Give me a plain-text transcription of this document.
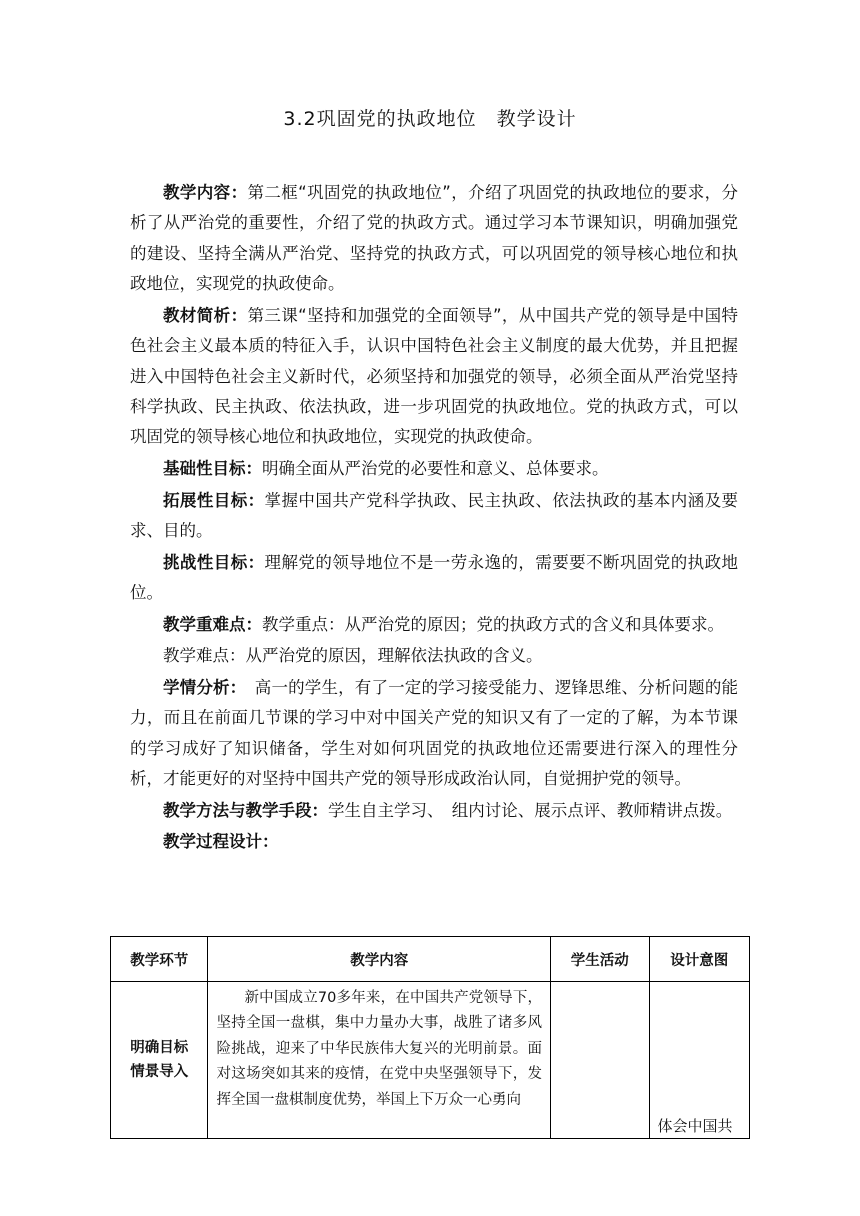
3.2巩固党的执政地位　教学设计

教学内容：第二框“巩固党的执政地位”，介绍了巩固党的执政地位的要求，分析了从严治党的重要性，介绍了党的执政方式。通过学习本节课知识，明确加强党的建设、坚持全满从严治党、坚持党的执政方式，可以巩固党的领导核心地位和执政地位，实现党的执政使命。

教材简析：第三课“坚持和加强党的全面领导”，从中国共产党的领导是中国特色社会主义最本质的特征入手，认识中国特色社会主义制度的最大优势，并且把握进入中国特色社会主义新时代，必须坚持和加强党的领导，必须全面从严治党坚持科学执政、民主执政、依法执政，进一步巩固党的执政地位。党的执政方式，可以巩固党的领导核心地位和执政地位，实现党的执政使命。

基础性目标：明确全面从严治党的必要性和意义、总体要求。

拓展性目标：掌握中国共产党科学执政、民主执政、依法执政的基本内涵及要求、目的。

挑战性目标：理解党的领导地位不是一劳永逸的，需要要不断巩固党的执政地位。

教学重难点：教学重点：从严治党的原因；党的执政方式的含义和具体要求。

教学难点：从严治党的原因，理解依法执政的含义。

学情分析：　高一的学生，有了一定的学习接受能力、逻锋思维、分析问题的能力，而且在前面几节课的学习中对中国关产党的知识又有了一定的了解，为本节课的学习成好了知识储备，学生对如何巩固党的执政地位还需要进行深入的理性分析，才能更好的对坚持中国共产党的领导形成政治认同，自觉拥护党的领导。

教学方法与教学手段：学生自主学习、　组内讨论、展示点评、教师精讲点拨。

教学过程设计：

教学环节	教学内容	学生活动	设计意图

明确目标
情景导入	新中国成立70多年来，在中国共产党领导下，坚持全国一盘棋，集中力量办大事，战胜了诸多风险挑战，迎来了中华民族伟大复兴的光明前景。面对这场突如其来的疫情，在党中央坚强领导下，发挥全国一盘棋制度优势，举国上下万众一心勇向		体会中国共
